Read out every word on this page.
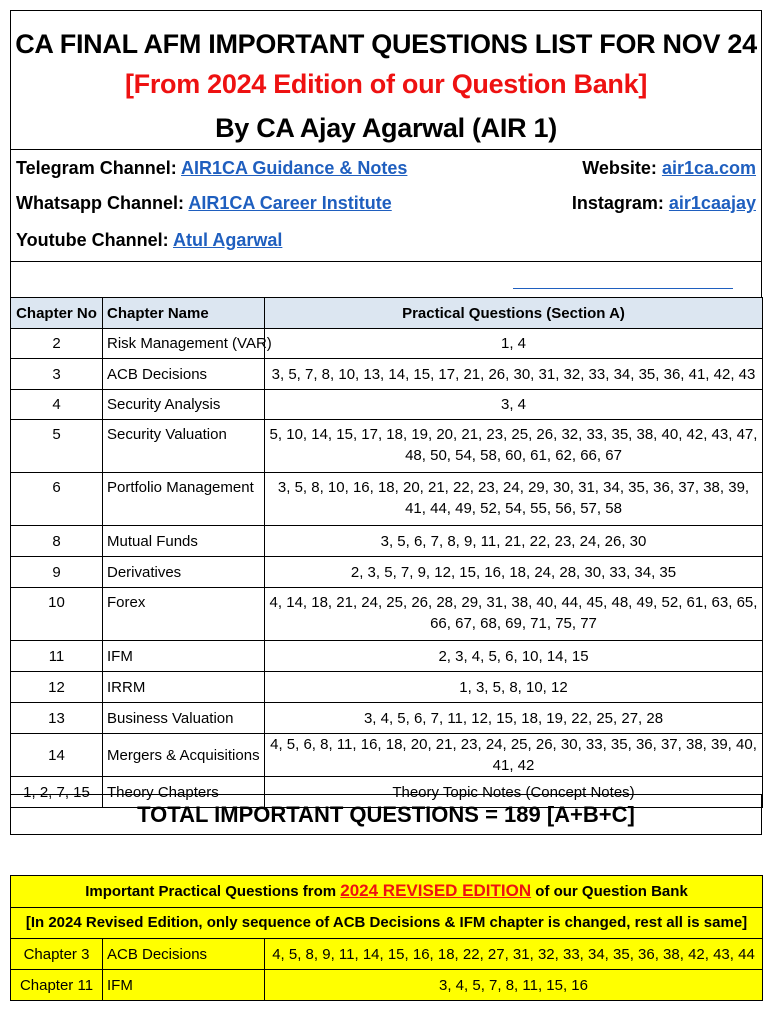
CA FINAL AFM IMPORTANT QUESTIONS LIST FOR NOV 24
[From 2024 Edition of our Question Bank]
By CA Ajay Agarwal (AIR 1)
Telegram Channel: AIR1CA Guidance & Notes	Website: air1ca.com
Whatsapp Channel: AIR1CA Career Institute	Instagram: air1caajay
Youtube Channel: Atul Agarwal
Chapter No	Chapter Name	Practical Questions (Section A)
2	Risk Management (VAR)	1, 4
3	ACB Decisions	3, 5, 7, 8, 10, 13, 14, 15, 17, 21, 26, 30, 31, 32, 33, 34, 35, 36, 41, 42, 43
4	Security Analysis	3, 4
5	Security Valuation	5, 10, 14, 15, 17, 18, 19, 20, 21, 23, 25, 26, 32, 33, 35, 38, 40, 42, 43, 47, 48, 50, 54, 58, 60, 61, 62, 66, 67
6	Portfolio Management	3, 5, 8, 10, 16, 18, 20, 21, 22, 23, 24, 29, 30, 31, 34, 35, 36, 37, 38, 39, 41, 44, 49, 52, 54, 55, 56, 57, 58
8	Mutual Funds	3, 5, 6, 7, 8, 9, 11, 21, 22, 23, 24, 26, 30
9	Derivatives	2, 3, 5, 7, 9, 12, 15, 16, 18, 24, 28, 30, 33, 34, 35
10	Forex	4, 14, 18, 21, 24, 25, 26, 28, 29, 31, 38, 40, 44, 45, 48, 49, 52, 61, 63, 65, 66, 67, 68, 69, 71, 75, 77
11	IFM	2, 3, 4, 5, 6, 10, 14, 15
12	IRRM	1, 3, 5, 8, 10, 12
13	Business Valuation	3, 4, 5, 6, 7, 11, 12, 15, 18, 19, 22, 25, 27, 28
14	Mergers & Acquisitions	4, 5, 6, 8, 11, 16, 18, 20, 21, 23, 24, 25, 26, 30, 33, 35, 36, 37, 38, 39, 40, 41, 42
1, 2, 7, 15	Theory Chapters	Theory Topic Notes (Concept Notes)
TOTAL IMPORTANT QUESTIONS = 189 [A+B+C]
Important Practical Questions from 2024 REVISED EDITION of our Question Bank		
[In 2024 Revised Edition, only sequence of ACB Decisions & IFM chapter is changed, rest all is same]		
Chapter 3	ACB Decisions	4, 5, 8, 9, 11, 14, 15, 16, 18, 22, 27, 31, 32, 33, 34, 35, 36, 38, 42, 43, 44
Chapter 11	IFM	3, 4, 5, 7, 8, 11, 15, 16
